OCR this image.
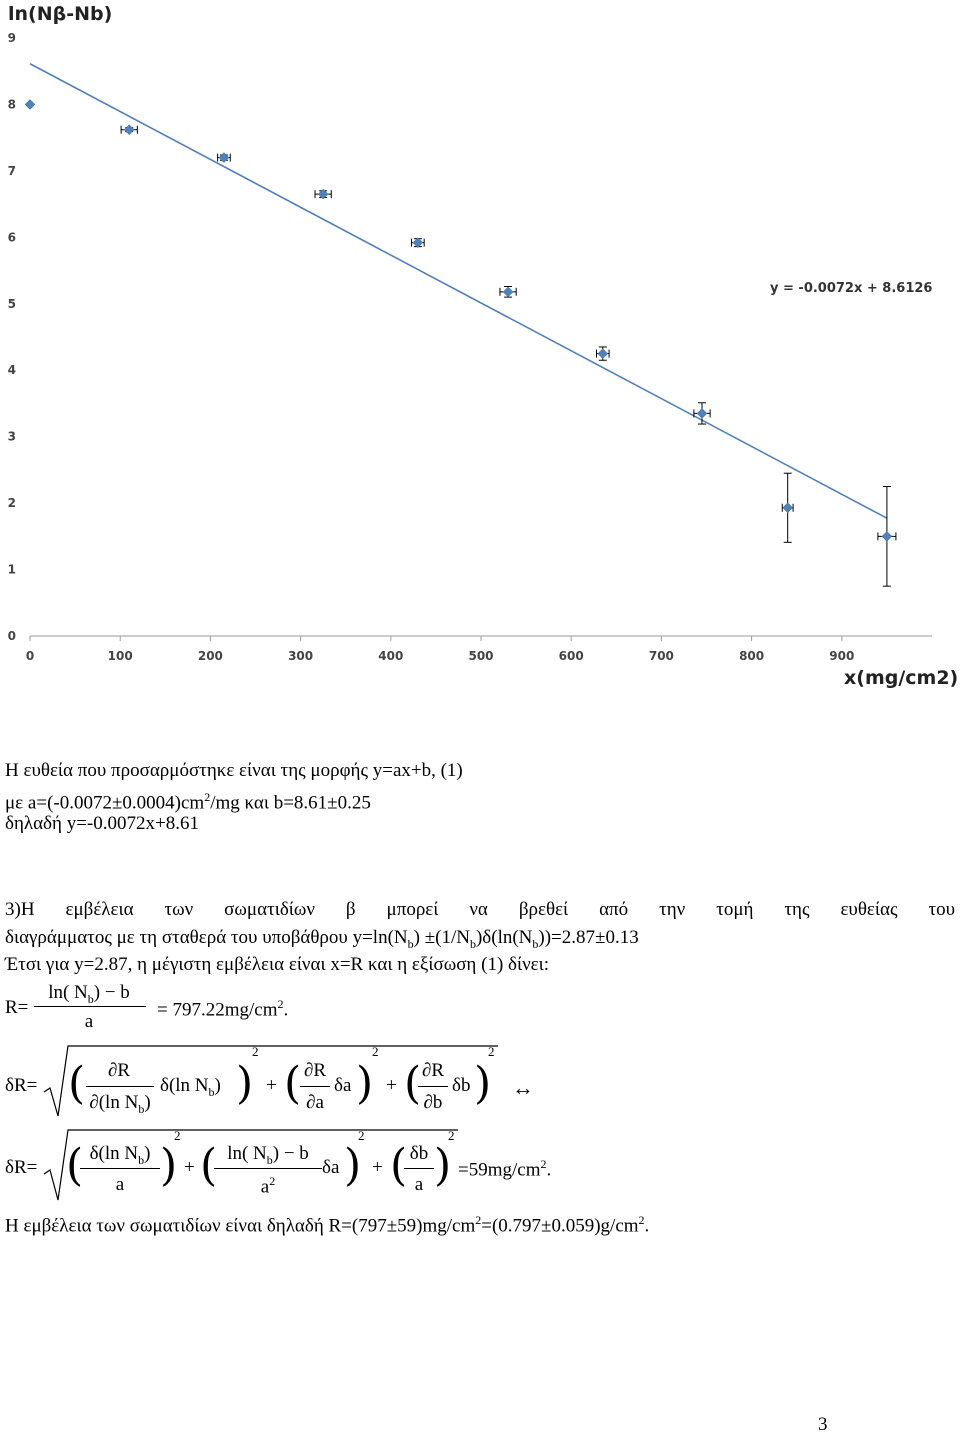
ln(Nβ-Nb)
x(mg/cm2)
0	100	200	300	400	500	600	700	800	900
0
1
2
3
4
5
6
7
8
9
y = -0.0072x + 8.6126
Η ευθεία που προσαρμόστηκε είναι της μορφής y=ax+b, (1)
με $a=(-0.0072\pm 0.0004)cm^2/mg$ και b=8.61±0.25
δηλαδή y=-0.0072x+8.61
3)Η εμβέλεια των σωματιδίων β μπορεί να βρεθεί από την τομή της ευθείας του
διαγράμματος με τη σταθερά του υποβάθρου $y=\ln(N_b) \pm(1/N_b)\delta(\ln(N_b))=2.87\pm 0.13$
Έτσι για y=2.87, η μέγιστη εμβέλεια είναι x=R και η εξίσωση (1) δίνει:
R=
ln( $N_b) - b$
a
= $797.22mg/cm^2$.
δR= (	∂R
∂(ln $N_b$)
δ(ln $N_b$) )
2
+ ( ∂R
∂a
δa )
2
+ ( ∂R
∂b
δb )
2
↔
δR= ( δ(ln $N_b$)
a )
2
+ ( ln( $N_b) - b$
$a^2$
δa )
2
+ ( δb
a )
2
$=59mg/cm^2$.
Η εμβέλεια των σωματιδίων είναι δηλαδή $R=(797\pm 59)mg/cm^2=(0.797\pm 0.059)g/cm^2$.
3
